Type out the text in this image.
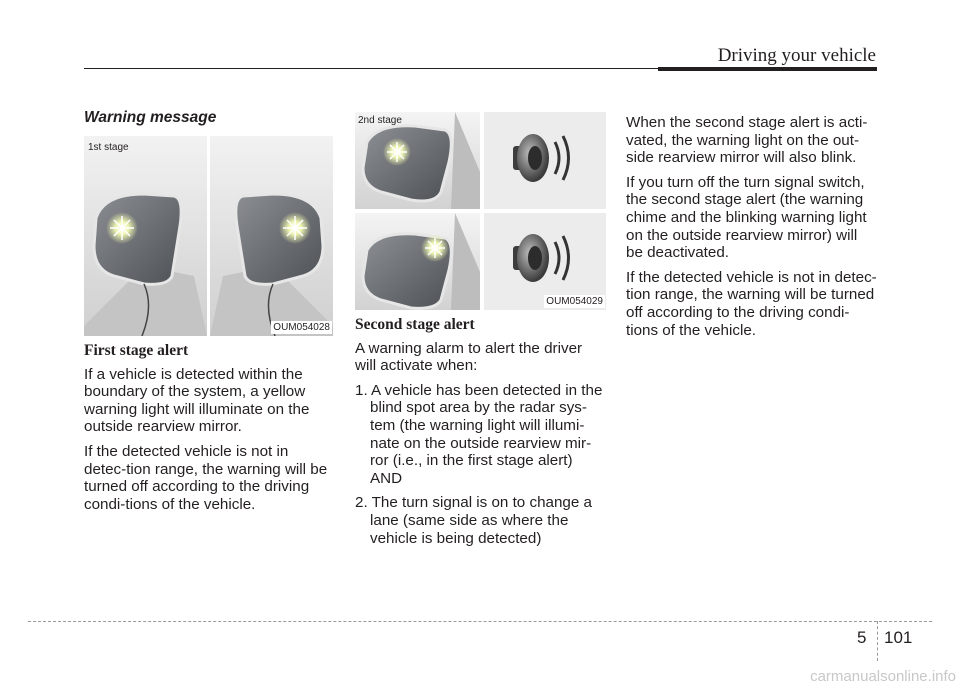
Driving your vehicle

Warning message

1st stage
OUM054028

First stage alert

If a vehicle is detected within the boundary of the system, a yellow warning light will illuminate on the outside rearview mirror.

If the detected vehicle is not in detec-tion range, the warning will be turned off according to the driving condi-tions of the vehicle.

2nd stage
OUM054029

Second stage alert

A warning alarm to alert the driver will activate when:

1. A vehicle has been detected in the blind spot area by the radar sys-tem (the warning light will illumi-nate on the outside rearview mir-ror (i.e., in the first stage alert) AND

2. The turn signal is on to change a lane (same side as where the vehicle is being detected)

When the second stage alert is acti-vated, the warning light on the out-side rearview mirror will also blink.

If you turn off the turn signal switch, the second stage alert (the warning chime and the blinking warning light on the outside rearview mirror) will be deactivated.

If the detected vehicle is not in detec-tion range, the warning will be turned off according to the driving condi-tions of the vehicle.

5 101
carmanualsonline.info
